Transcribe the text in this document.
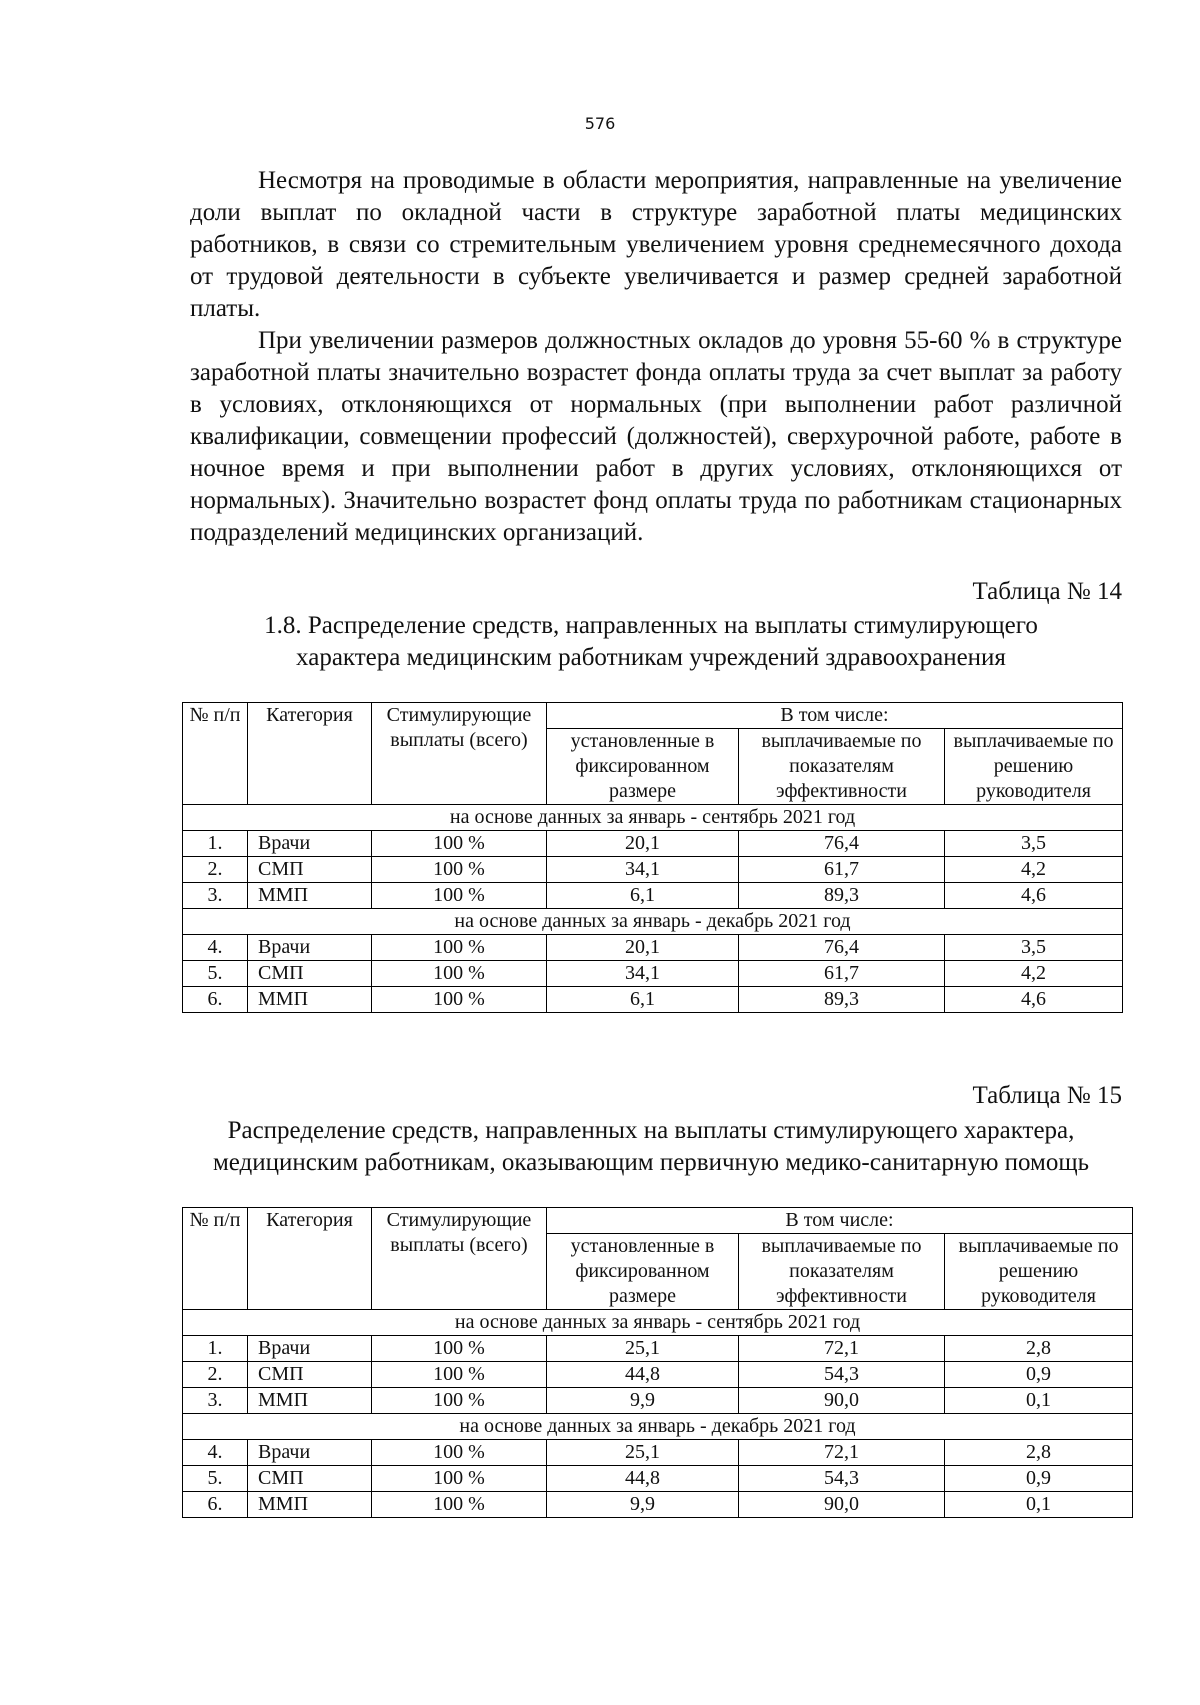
576

Несмотря на проводимые в области мероприятия, направленные на увеличение доли выплат по окладной части в структуре заработной платы медицинских работников, в связи со стремительным увеличением уровня среднемесячного дохода от трудовой деятельности в субъекте увеличивается и размер средней заработной платы.

При увеличении размеров должностных окладов до уровня 55-60 % в структуре заработной платы значительно возрастет фонда оплаты труда за счет выплат за работу в условиях, отклоняющихся от нормальных (при выполнении работ различной квалификации, совмещении профессий (должностей), сверхурочной работе, работе в ночное время и при выполнении работ в других условиях, отклоняющихся от нормальных). Значительно возрастет фонд оплаты труда по работникам стационарных подразделений медицинских организаций.

Таблица № 14
1.8. Распределение средств, направленных на выплаты стимулирующего
характера медицинским работникам учреждений здравоохранения
№ п/п	Категория	Стимулирующие выплаты (всего)	В том числе:		
			установленные в фиксированном размере	выплачиваемые по показателям эффективности	выплачиваемые по решению руководителя
на основе данных за январь - сентябрь 2021 год					
1.	Врачи	100 %	20,1	76,4	3,5
2.	СМП	100 %	34,1	61,7	4,2
3.	ММП	100 %	6,1	89,3	4,6
на основе данных за январь - декабрь 2021 год					
4.	Врачи	100 %	20,1	76,4	3,5
5.	СМП	100 %	34,1	61,7	4,2
6.	ММП	100 %	6,1	89,3	4,6
Таблица № 15
Распределение средств, направленных на выплаты стимулирующего характера,
медицинским работникам, оказывающим первичную медико-санитарную помощь
№ п/п	Категория	Стимулирующие выплаты (всего)	В том числе:		
			установленные в фиксированном размере	выплачиваемые по показателям эффективности	выплачиваемые по решению руководителя
на основе данных за январь - сентябрь 2021 год					
1.	Врачи	100 %	25,1	72,1	2,8
2.	СМП	100 %	44,8	54,3	0,9
3.	ММП	100 %	9,9	90,0	0,1
на основе данных за январь - декабрь 2021 год					
4.	Врачи	100 %	25,1	72,1	2,8
5.	СМП	100 %	44,8	54,3	0,9
6.	ММП	100 %	9,9	90,0	0,1
